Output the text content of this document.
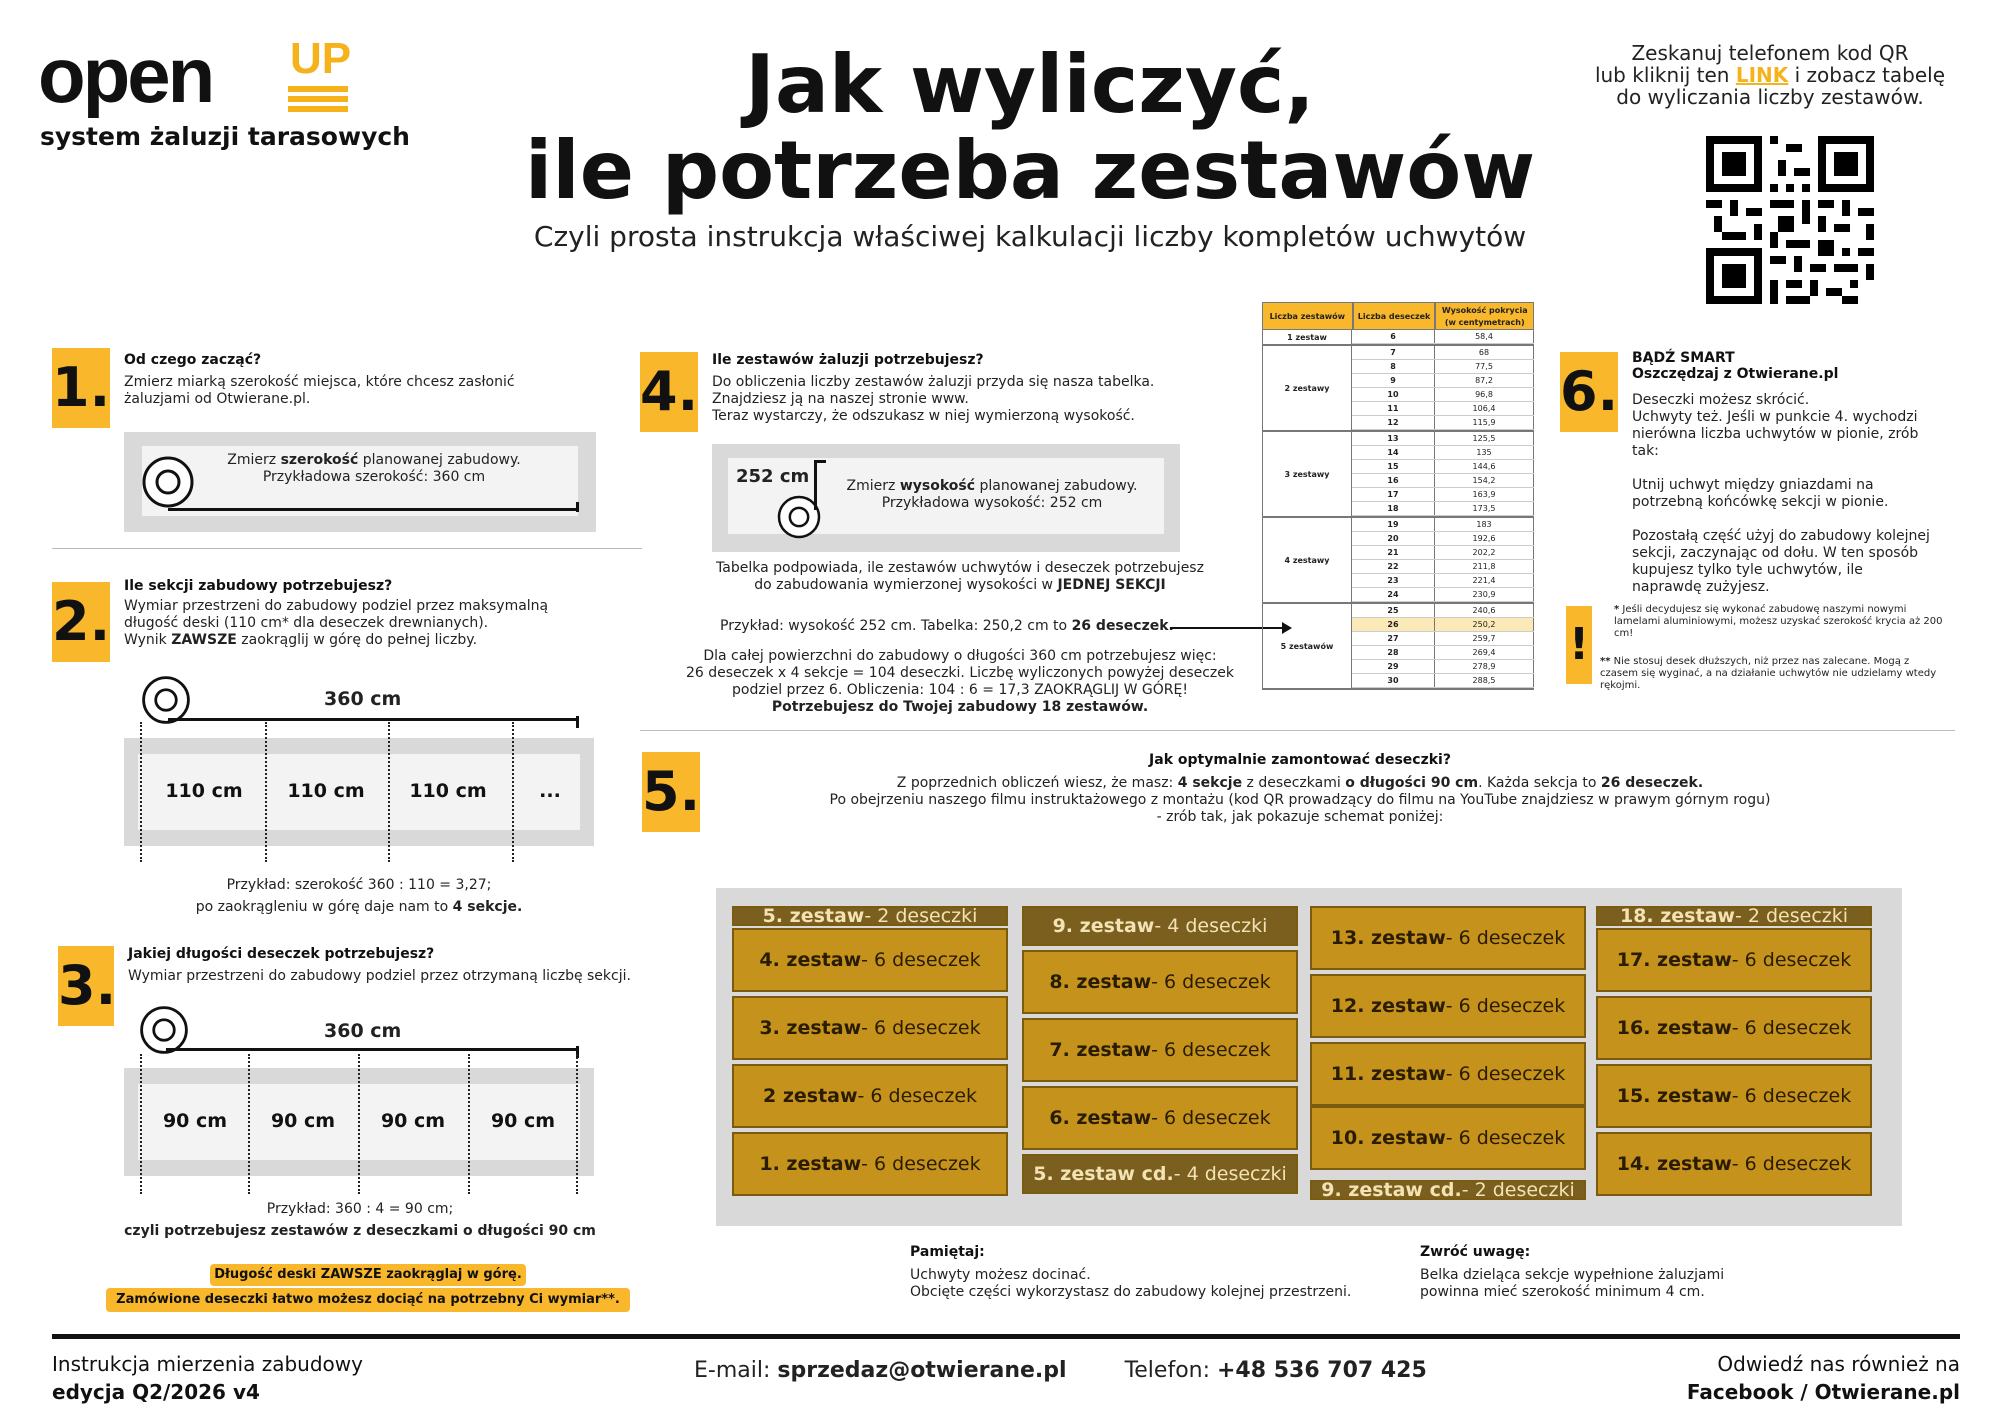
open UP
system żaluzji tarasowych
Jak wyliczyć,
ile potrzeba zestawów
Czyli prosta instrukcja właściwej kalkulacji liczby kompletów uchwytów
Zeskanuj telefonem kod QR
lub kliknij ten LINK i zobacz tabelę
do wyliczania liczby zestawów.
1. Od czego zacząć?
Zmierz miarką szerokość miejsca, które chcesz zasłonić żaluzjami od Otwierane.pl.
Zmierz szerokość planowanej zabudowy.
Przykładowa szerokość: 360 cm
2.
Ile sekcji zabudowy potrzebujesz?
Wymiar przestrzeni do zabudowy podziel przez maksymalną
długość deski (110 cm* dla deseczek drewnianych).
Wynik ZAWSZE zaokrąglij w górę do pełnej liczby.
360 cm
110 cm	110 cm	110 cm	...
Przykład: szerokość 360 : 110 = 3,27;
po zaokrągleniu w górę daje nam to 4 sekcje.
3. Jakiej długości deseczek potrzebujesz?
Wymiar przestrzeni do zabudowy podziel przez otrzymaną liczbę sekcji.
360 cm
90 cm	90 cm	90 cm	90 cm
Przykład: 360 : 4 = 90 cm;
czyli potrzebujesz zestawów z deseczkami o długości 90 cm
Długość deski ZAWSZE zaokrąglaj w górę.
Zamówione deseczki łatwo możesz dociąć na potrzebny Ci wymiar**.
4. Ile zestawów żaluzji potrzebujesz?
Do obliczenia liczby zestawów żaluzji przyda się nasza tabelka.
Znajdziesz ją na naszej stronie www.
Teraz wystarczy, że odszukasz w niej wymierzoną wysokość.
252 cm	Zmierz wysokość planowanej zabudowy.
Przykładowa wysokość: 252 cm
Tabelka podpowiada, ile zestawów uchwytów i deseczek potrzebujesz
do zabudowania wymierzonej wysokości w JEDNEJ SEKCJI
Przykład: wysokość 252 cm. Tabelka: 250,2 cm to 26 deseczek.
Dla całej powierzchni do zabudowy o długości 360 cm potrzebujesz więc:
26 deseczek x 4 sekcje = 104 deseczki. Liczbę wyliczonych powyżej deseczek
podziel przez 6. Obliczenia: 104 : 6 = 17,3 ZAOKRĄGLIJ W GÓRĘ!
Potrzebujesz do Twojej zabudowy 18 zestawów.
Liczba zestawów	Liczba deseczek
Wysokość pokrycia (w centymetrach)
1 zestaw	6	58,4
2 zestawy
7	68
8	77,5
9	87,2
10	96,8
11	106,4
12	115,9
3 zestawy
13	125,5
14	135
15	144,6
16	154,2
17	163,9
18	173,5
4 zestawy
19	183
20	192,6
21	202,2
22	211,8
23	221,4
24	230,9
5 zestawów
25	240,6
26	250,2
27	259,7
28	269,4
29	278,9
30	288,5
6.
BĄDŹ SMART
Oszczędzaj z Otwierane.pl
Deseczki możesz skrócić.
Uchwyty też. Jeśli w punkcie 4. wychodzi nierówna liczba uchwytów w pionie, zrób tak:
Utnij uchwyt między gniazdami na potrzebną końcówkę sekcji w pionie.
Pozostałą część użyj do zabudowy kolejnej sekcji, zaczynając od dołu. W ten sposób kupujesz tylko tyle uchwytów, ile naprawdę zużyjesz.
!
* Jeśli decydujesz się wykonać zabudowę naszymi nowymi lamelami aluminiowymi, możesz uzyskać szerokość krycia aż 200 cm!
** Nie stosuj desek dłuższych, niż przez nas zalecane. Mogą z czasem się wyginać, a na działanie uchwytów nie udzielamy wtedy rękojmi.
5.	Jak optymalnie zamontować deseczki?
Z poprzednich obliczeń wiesz, że masz: 4 sekcje z deseczkami o długości 90 cm. Każda sekcja to 26 deseczek.
Po obejrzeniu naszego filmu instruktażowego z montażu (kod QR prowadzący do filmu na YouTube znajdziesz w prawym górnym rogu)
- zrób tak, jak pokazuje schemat poniżej:
5. zestaw - 2 deseczki
4. zestaw - 6 deseczek
3. zestaw - 6 deseczek
2 zestaw - 6 deseczek
1. zestaw - 6 deseczek
9. zestaw - 4 deseczki
8. zestaw - 6 deseczek
7. zestaw - 6 deseczek
6. zestaw - 6 deseczek
5. zestaw cd. - 4 deseczki
13. zestaw - 6 deseczek
12. zestaw - 6 deseczek
11. zestaw - 6 deseczek
10. zestaw - 6 deseczek
9. zestaw cd. - 2 deseczki
18. zestaw - 2 deseczki
17. zestaw - 6 deseczek
16. zestaw - 6 deseczek
15. zestaw - 6 deseczek
14. zestaw - 6 deseczek
Pamiętaj:
Uchwyty możesz docinać.
Obcięte części wykorzystasz do zabudowy kolejnej przestrzeni.
Zwróć uwagę:
Belka dzieląca sekcje wypełnione żaluzjami
powinna mieć szerokość minimum 4 cm.
Instrukcja mierzenia zabudowy
edycja Q2/2026 v4
E-mail: sprzedaz@otwierane.pl	Telefon: +48 536 707 425	Odwiedź nas również na
Facebook / Otwierane.pl
